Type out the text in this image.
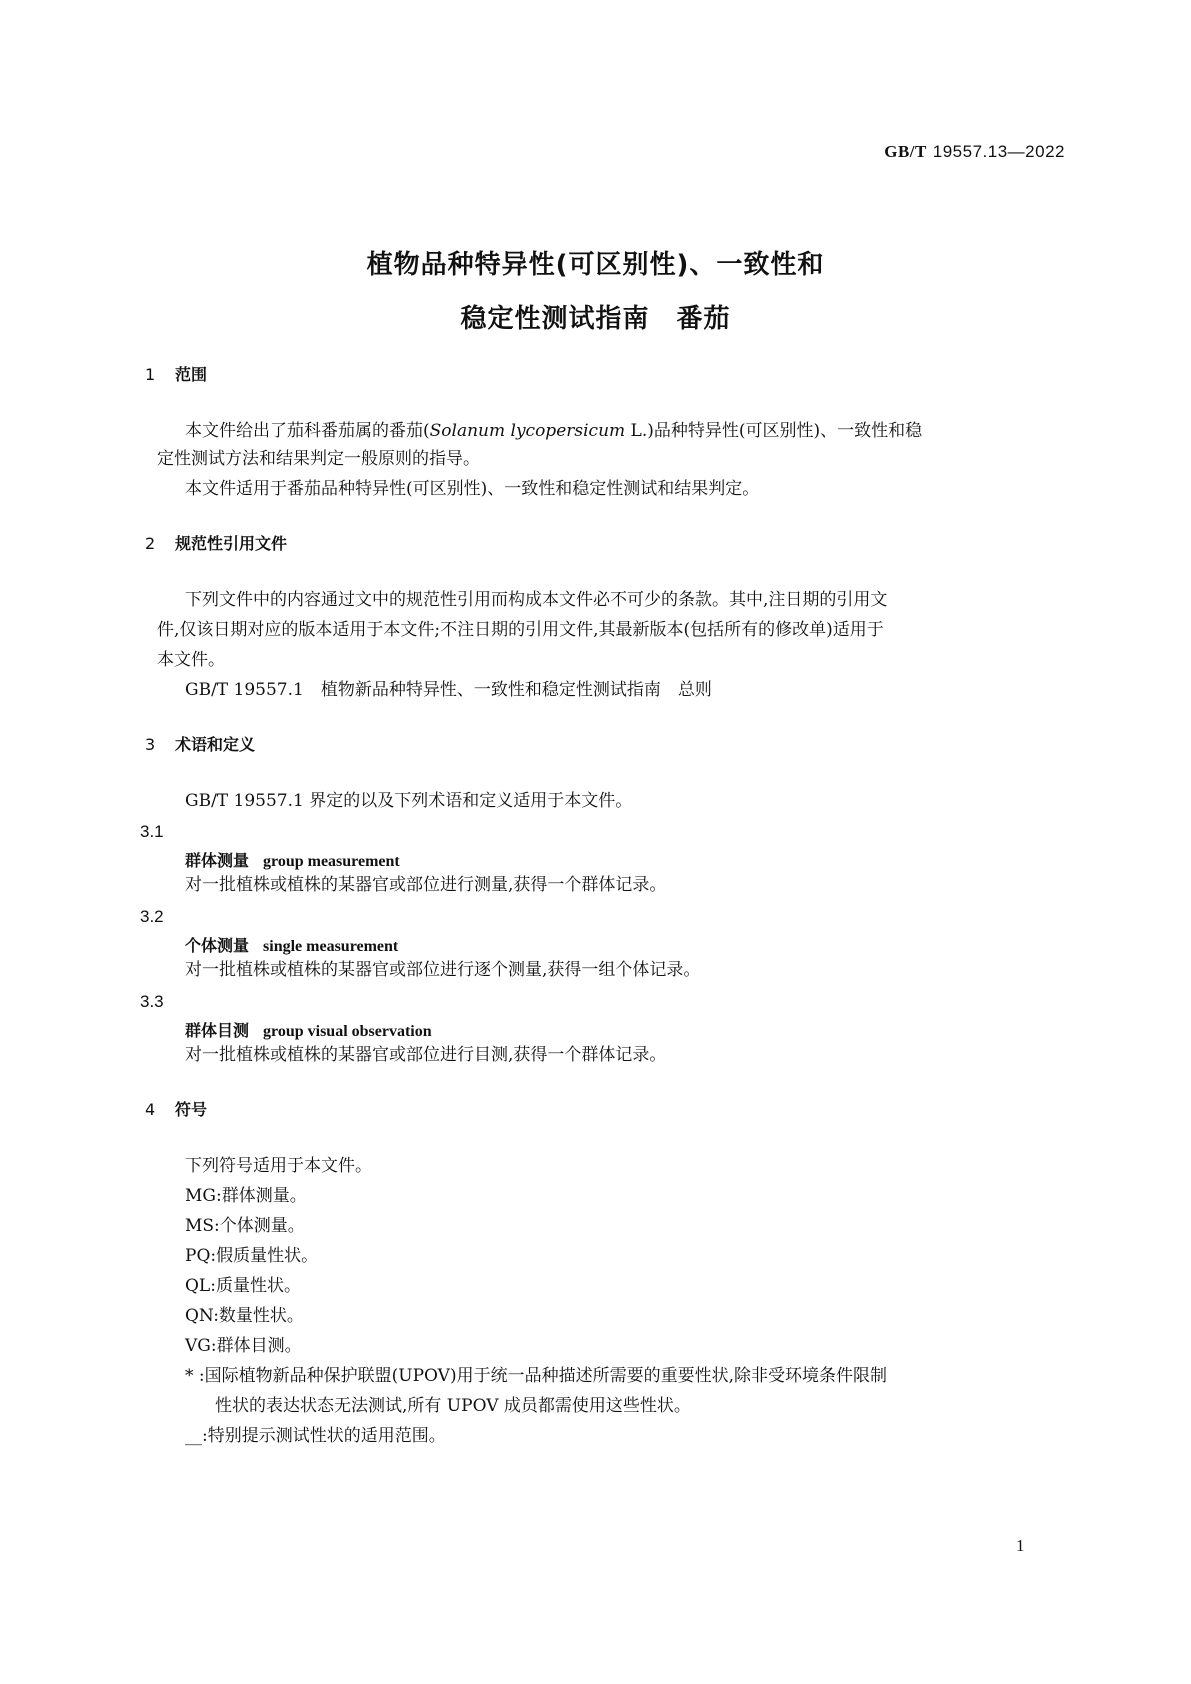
GB/T 19557.13—2022
植物品种特异性(可区别性)、一致性和
稳定性测试指南　番茄
1 范围
本文件给出了茄科番茄属的番茄(Solanum lycopersicum L.)品种特异性(可区别性)、一致性和稳
定性测试方法和结果判定一般原则的指导。
本文件适用于番茄品种特异性(可区别性)、一致性和稳定性测试和结果判定。
2 规范性引用文件
下列文件中的内容通过文中的规范性引用而构成本文件必不可少的条款。其中,注日期的引用文
件,仅该日期对应的版本适用于本文件;不注日期的引用文件,其最新版本(包括所有的修改单)适用于
本文件。
GB/T 19557.1　植物新品种特异性、一致性和稳定性测试指南　总则
3 术语和定义
GB/T 19557.1 界定的以及下列术语和定义适用于本文件。
3.1
群体测量 group measurement
对一批植株或植株的某器官或部位进行测量,获得一个群体记录。
3.2
个体测量 single measurement
对一批植株或植株的某器官或部位进行逐个测量,获得一组个体记录。
3.3
群体目测 group visual observation
对一批植株或植株的某器官或部位进行目测,获得一个群体记录。
4 符号
下列符号适用于本文件。
MG:群体测量。
MS:个体测量。
PQ:假质量性状。
QL:质量性状。
QN:数量性状。
VG:群体目测。
* :国际植物新品种保护联盟(UPOV)用于统一品种描述所需要的重要性状,除非受环境条件限制
性状的表达状态无法测试,所有 UPOV 成员都需使用这些性状。
__:特别提示测试性状的适用范围。
1
